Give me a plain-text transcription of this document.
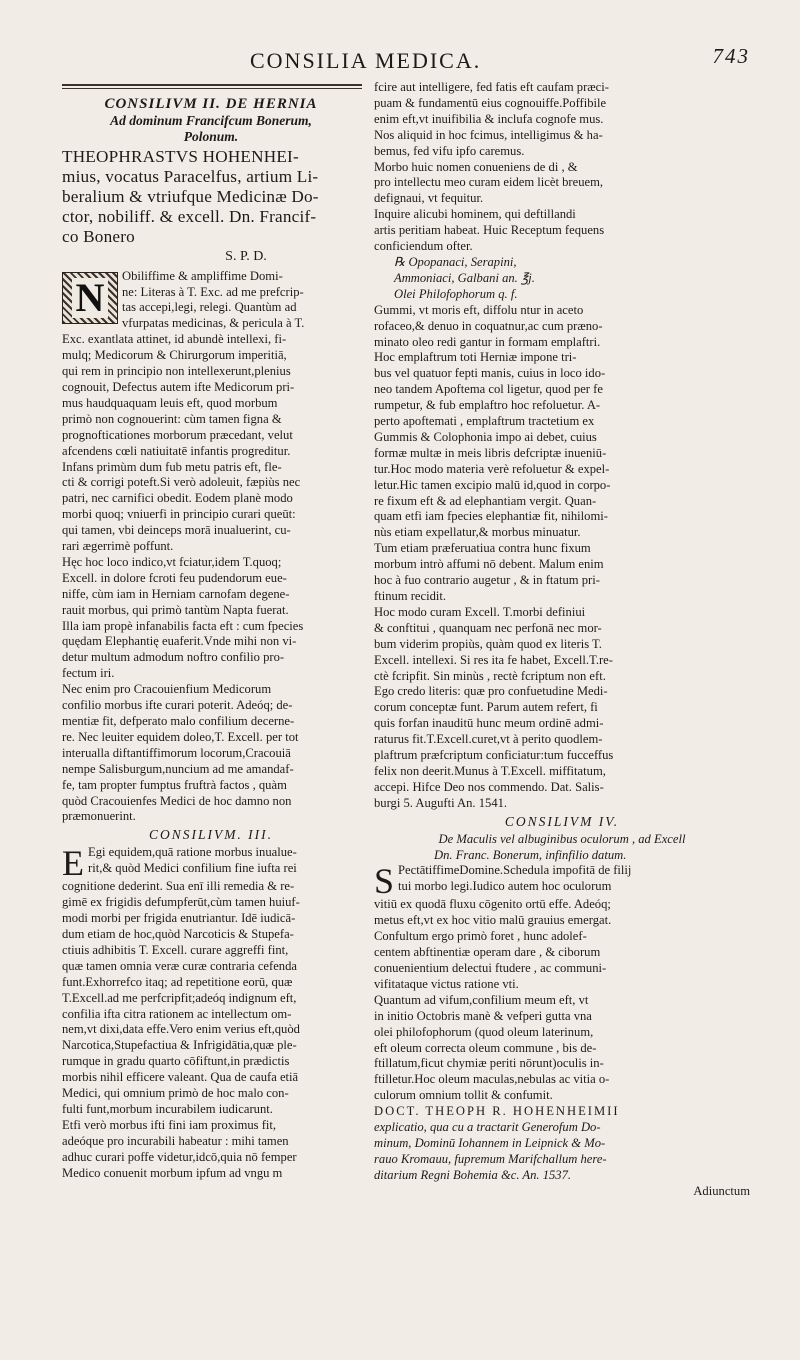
CONSILIA MEDICA.	743
CONSILIVM II. DE HERNIA
Ad dominum Francifcum Bonerum,
Polonum.
THEOPHRASTVS HOHENHEI-
mius, vocatus Paracelfus, artium Li-
beralium & vtriufque Medicinæ Do-
ctor, nobiliff. & excell. Dn. Francif-
co Bonero
S. P. D.
N	Obiliffime & ampliffime Domi-
ne: Literas à T. Exc. ad me prefcrip-
tas accepi,legi, relegi. Quantùm ad
vfurpatas medicinas, & pericula à T.
Exc. exantlata attinet, id abundè intellexi, fi-
mulq; Medicorum & Chirurgorum imperitiā,
qui rem in principio non intellexerunt,plenius
cognouit, Defectus autem ifte Medicorum pri-
mus haudquaquam leuis eft, quod morbum
primò non cognouerint: cùm tamen figna &
prognofticationes morborum præcedant, velut
afcendens cœli natiuitatē infantis progreditur.
Infans primùm dum fub metu patris eft, fle-
cti & corrigi poteft.Si verò adoleuit, fæpiùs nec
patri, nec carnifici obedit. Eodem planè modo
morbi quoq; vniuerfi in principio curari queūt:
qui tamen, vbi deinceps morā inualuerint, cu-
rari ægerrimè poffunt.
Hęc hoc loco indico,vt fciatur,idem T.quoq;
Excell. in dolore fcroti feu pudendorum eue-
niffe, cùm iam in Herniam carnofam degene-
rauit morbus, qui primò tantùm Napta fuerat.
Illa iam propè infanabilis facta eft : cum fpecies
quędam Elephantię euaferit.Vnde mihi non vi-
detur multum admodum noftro confilio pro-
fectum iri.
Nec enim pro Cracouienfium Medicorum
confilio morbus ifte curari poterit. Adeóq; de-
mentiæ fit, defperato malo confilium decerne-
re. Nec leuiter equidem doleo,T. Excell. per tot
interualla diftantiffimorum locorum,Cracouiā
nempe Salisburgum,nuncium ad me amandaf-
fe, tam propter fumptus fruftrà factos , quàm
quòd Cracouienfes Medici de hoc damno non
præmonuerint.
CONSILIVM. III.
E Egi equidem,quā ratione morbus inualue-
rit,& quòd Medici confilium fine iufta rei
cognitione dederint. Sua enī illi remedia & re-
gimē ex frigidis defumpferūt,cùm tamen huiuf-
modi morbi per frigida enutriantur. Idē iudicā-
dum etiam de hoc,quòd Narcoticis & Stupefa-
ctiuis adhibitis T. Excell. curare aggreffi fint,
quæ tamen omnia veræ curæ contraria cefenda
funt.Exhorrefco itaq; ad repetitione eorū, quæ
T.Excell.ad me perfcripfit;adeóq indignum eft,
confilia ifta citra rationem ac intellectum om-
nem,vt dixi,data effe.Vero enim verius eft,quòd
Narcotica,Stupefactiua & Infrigidātia,quæ ple-
rumque in gradu quarto cōfiftunt,in prædictis
morbis nihil efficere valeant. Qua de caufa etiā
Medici, qui omnium primò de hoc malo con-
fulti funt,morbum incurabilem iudicarunt.
Etfi verò morbus ifti fini iam proximus fit,
adeóque pro incurabili habeatur : mihi tamen
adhuc curari poffe videtur,idcō,quia nō femper
Medico conuenit morbum ipfum ad vngu m
fcire aut intelligere, fed fatis eft caufam præci-
puam & fundamentū eius cognouiffe.Poffibile
enim eft,vt inuifibilia & inclufa cognofe mus.
Nos aliquid in hoc fcimus, intelligimus & ha-
bemus, fed vifu ipfo caremus.
Morbo huic nomen conueniens de di , &
pro intellectu meo curam eidem licèt breuem,
defignaui, vt fequitur.
Inquire alicubi hominem, qui deftillandi
artis peritiam habeat. Huic Receptum fequens
conficiendum ofter.
℞ Opopanaci, Serapini,
Ammoniaci, Galbani an. ℥j.
Olei Philofophorum q. f.
Gummi, vt moris eft, diffolu ntur in aceto
rofaceo,& denuo in coquatnur,ac cum præno-
minato oleo redi gantur in formam emplaftri.
Hoc emplaftrum toti Herniæ impone tri-
bus vel quatuor fepti manis, cuius in loco ido-
neo tandem Apoftema col ligetur, quod per fe
rumpetur, & fub emplaftro hoc refoluetur. A-
perto apoftemati , emplaftrum tractetium ex
Gummis & Colophonia impo ai debet, cuius
formæ multæ in meis libris defcriptæ inueniū-
tur.Hoc modo materia verè refoluetur & expel-
letur.Hic tamen excipio malū id,quod in corpo-
re fixum eft & ad elephantiam vergit. Quan-
quam etfi iam fpecies elephantiæ fit, nihilomi-
nùs etiam expellatur,& morbus minuatur.
Tum etiam præferuatiua contra hunc fixum
morbum intrò affumi nō debent. Malum enim
hoc à fuo contrario augetur , & in ftatum pri-
ftinum recidit.
Hoc modo curam Excell. T.morbi definiui
& conftitui , quanquam nec perfonā nec mor-
bum viderim propiùs, quàm quod ex literis T.
Excell. intellexi. Si res ita fe habet, Excell.T.re-
ctè fcripfit. Sin minùs , rectè fcriptum non eft.
Ego credo literis: quæ pro confuetudine Medi-
corum conceptæ funt. Parum autem refert, fi
quis forfan inauditū hunc meum ordinē admi-
raturus fit.T.Excell.curet,vt à perito quodlem-
plaftrum præfcriptum conficiatur:tum fucceffus
felix non deerit.Munus à T.Excell. miffitatum,
accepi. Hifce Deo nos commendo. Dat. Salis-
burgi 5. Augufti An. 1541.
CONSILIVM IV.
De Maculis vel albuginibus oculorum , ad Excell
Dn. Franc. Bonerum, infinfilio datum.
S PectātiffimeDomine.Schedula impofitā de filij
tui morbo legi.Iudico autem hoc oculorum
vitiū ex quodā fluxu cōgenito ortū effe. Adeóq;
metus eft,vt ex hoc vitio malū grauius emergat.
Confultum ergo primò foret , hunc adolef-
centem abftinentiæ operam dare , & ciborum
conuenientium delectui ftudere , ac communi-
vifitataque victus ratione vti.
Quantum ad vifum,confilium meum eft, vt
in initio Octobris manè & vefperi gutta vna
olei philofophorum (quod oleum laterinum,
eft oleum correcta oleum commune , bis de-
ftillatum,ficut chymiæ periti nōrunt)oculis in-
ftilletur.Hoc oleum maculas,nebulas ac vitia o-
culorum omnium tollit & confumit.
DOCT. THEOPH R. HOHENHEIMII
explicatio, qua cu a tractarit Generofum Do-
minum, Dominū Iohannem in Leipnick & Mo-
rauo Kromauu, fupremum Marifchallum here-
ditarium Regni Bohemia &c. An. 1537.
Adiunctum
